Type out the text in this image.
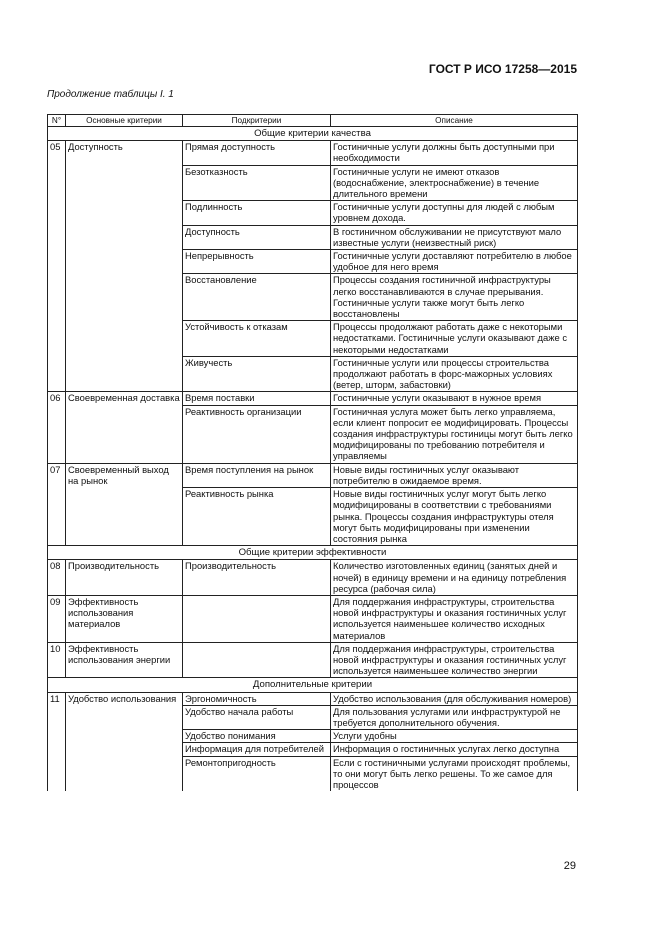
ГОСТ Р ИСО 17258—2015
Продолжение таблицы I. 1
N°	Основные критерии	Подкритерии	Описание
Общие критерии качества			
05	Доступность	Прямая доступность	Гостиничные услуги должны быть доступными при необходимости
		Безотказность	Гостиничные услуги не имеют отказов (водоснабжение, электроснабжение) в течение длительного времени
		Подлинность	Гостиничные услуги доступны для людей с любым уровнем дохода.
		Доступность	В гостиничном обслуживании не присутствуют мало известные услуги (неизвестный риск)
		Непрерывность	Гостиничные услуги доставляют потребителю в любое удобное для него время
		Восстановление	Процессы создания гостиничной инфраструктуры легко восстанавливаются в случае прерывания. Гостиничные услуги также могут быть легко восстановлены
		Устойчивость к отказам	Процессы продолжают работать даже с некоторыми недостатками. Гостиничные услуги оказывают даже с некоторыми недостатками
		Живучесть	Гостиничные услуги или процессы строительства продолжают работать в форс-мажорных условиях (ветер, шторм, забастовки)
06	Своевременная доставка	Время поставки	Гостиничные услуги оказывают в нужное время
		Реактивность организации	Гостиничная услуга может быть легко управляема, если клиент попросит ее модифицировать. Процессы создания инфраструктуры гостиницы могут быть легко модифицированы по требованию потребителя и управляемы
07	Своевременный выход на рынок	Время поступления на рынок	Новые виды гостиничных услуг оказывают потребителю в ожидаемое время.
		Реактивность рынка	Новые виды гостиничных услуг могут быть легко модифицированы в соответствии с требованиями рынка. Процессы создания инфраструктуры отеля могут быть модифицированы при изменении состояния рынка
Общие критерии эффективности			
08	Производительность	Производительность	Количество изготовленных единиц (занятых дней и ночей) в единицу времени и на единицу потребления ресурса (рабочая сила)
09	Эффективность использования материалов		Для поддержания инфраструктуры, строительства новой инфраструктуры и оказания гостиничных услуг используется наименьшее количество исходных материалов
10	Эффективность использования энергии		Для поддержания инфраструктуры, строительства новой инфраструктуры и оказания гостиничных услуг используется наименьшее количество энергии
Дополнительные критерии			
11	Удобство использования	Эргономичность	Удобство использования (для обслуживания номеров)
		Удобство начала работы	Для пользования услугами или инфраструктурой не требуется дополнительного обучения.
		Удобство понимания	Услуги удобны
		Информация для потребителей	Информация о гостиничных услугах легко доступна
		Ремонтопригодность	Если с гостиничными услугами происходят проблемы, то они могут быть легко решены. То же самое для процессов
29
